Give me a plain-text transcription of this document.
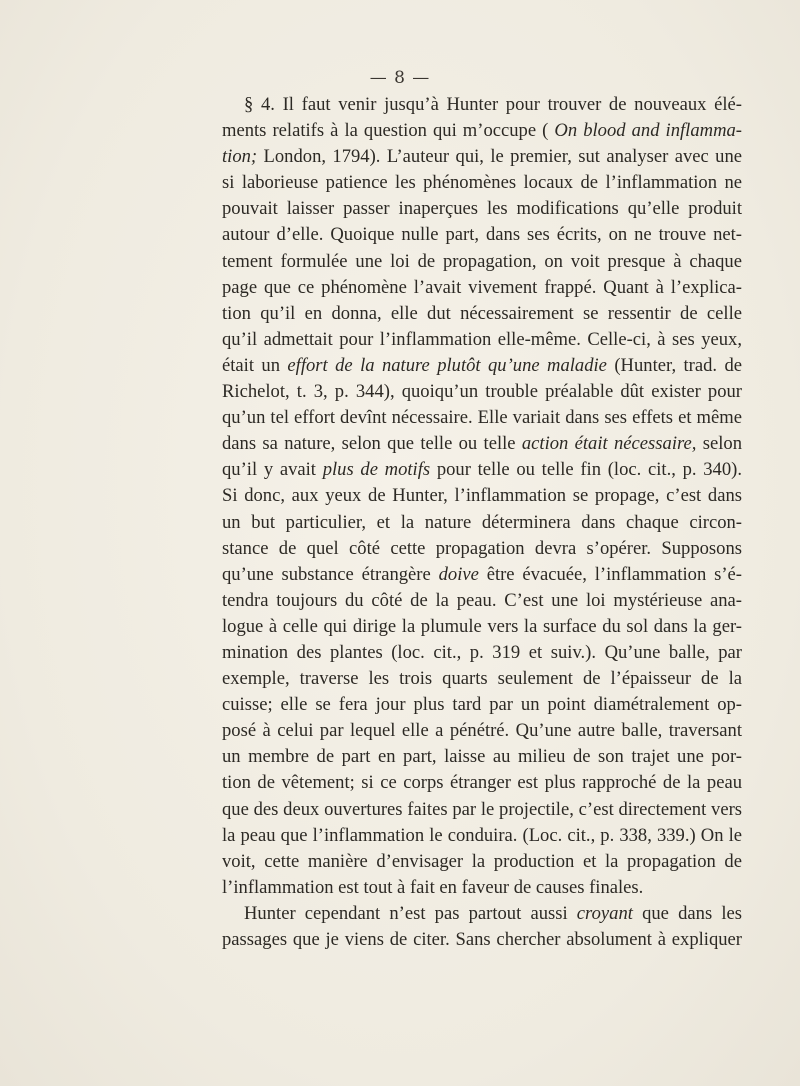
— 8 —
§ 4. Il faut venir jusqu’à Hunter pour trouver de nouveaux élé-
ments relatifs à la question qui m’occupe ( On blood and inflamma-
tion; London, 1794). L’auteur qui, le premier, sut analyser avec une
si laborieuse patience les phénomènes locaux de l’inflammation ne
pouvait laisser passer inaperçues les modifications qu’elle produit
autour d’elle. Quoique nulle part, dans ses écrits, on ne trouve net-
tement formulée une loi de propagation, on voit presque à chaque
page que ce phénomène l’avait vivement frappé. Quant à l’explica-
tion qu’il en donna, elle dut nécessairement se ressentir de celle
qu’il admettait pour l’inflammation elle-même. Celle-ci, à ses yeux,
était un effort de la nature plutôt qu’une maladie (Hunter, trad. de
Richelot, t. 3, p. 344), quoiqu’un trouble préalable dût exister pour
qu’un tel effort devînt nécessaire. Elle variait dans ses effets et même
dans sa nature, selon que telle ou telle action était nécessaire, selon
qu’il y avait plus de motifs pour telle ou telle fin (loc. cit., p. 340).
Si donc, aux yeux de Hunter, l’inflammation se propage, c’est dans
un but particulier, et la nature déterminera dans chaque circon-
stance de quel côté cette propagation devra s’opérer. Supposons
qu’une substance étrangère doive être évacuée, l’inflammation s’é-
tendra toujours du côté de la peau. C’est une loi mystérieuse ana-
logue à celle qui dirige la plumule vers la surface du sol dans la ger-
mination des plantes (loc. cit., p. 319 et suiv.). Qu’une balle, par
exemple, traverse les trois quarts seulement de l’épaisseur de la
cuisse; elle se fera jour plus tard par un point diamétralement op-
posé à celui par lequel elle a pénétré. Qu’une autre balle, traversant
un membre de part en part, laisse au milieu de son trajet une por-
tion de vêtement; si ce corps étranger est plus rapproché de la peau
que des deux ouvertures faites par le projectile, c’est directement vers
la peau que l’inflammation le conduira. (Loc. cit., p. 338, 339.) On le
voit, cette manière d’envisager la production et la propagation de
l’inflammation est tout à fait en faveur de causes finales.
Hunter cependant n’est pas partout aussi croyant que dans les
passages que je viens de citer. Sans chercher absolument à expliquer
